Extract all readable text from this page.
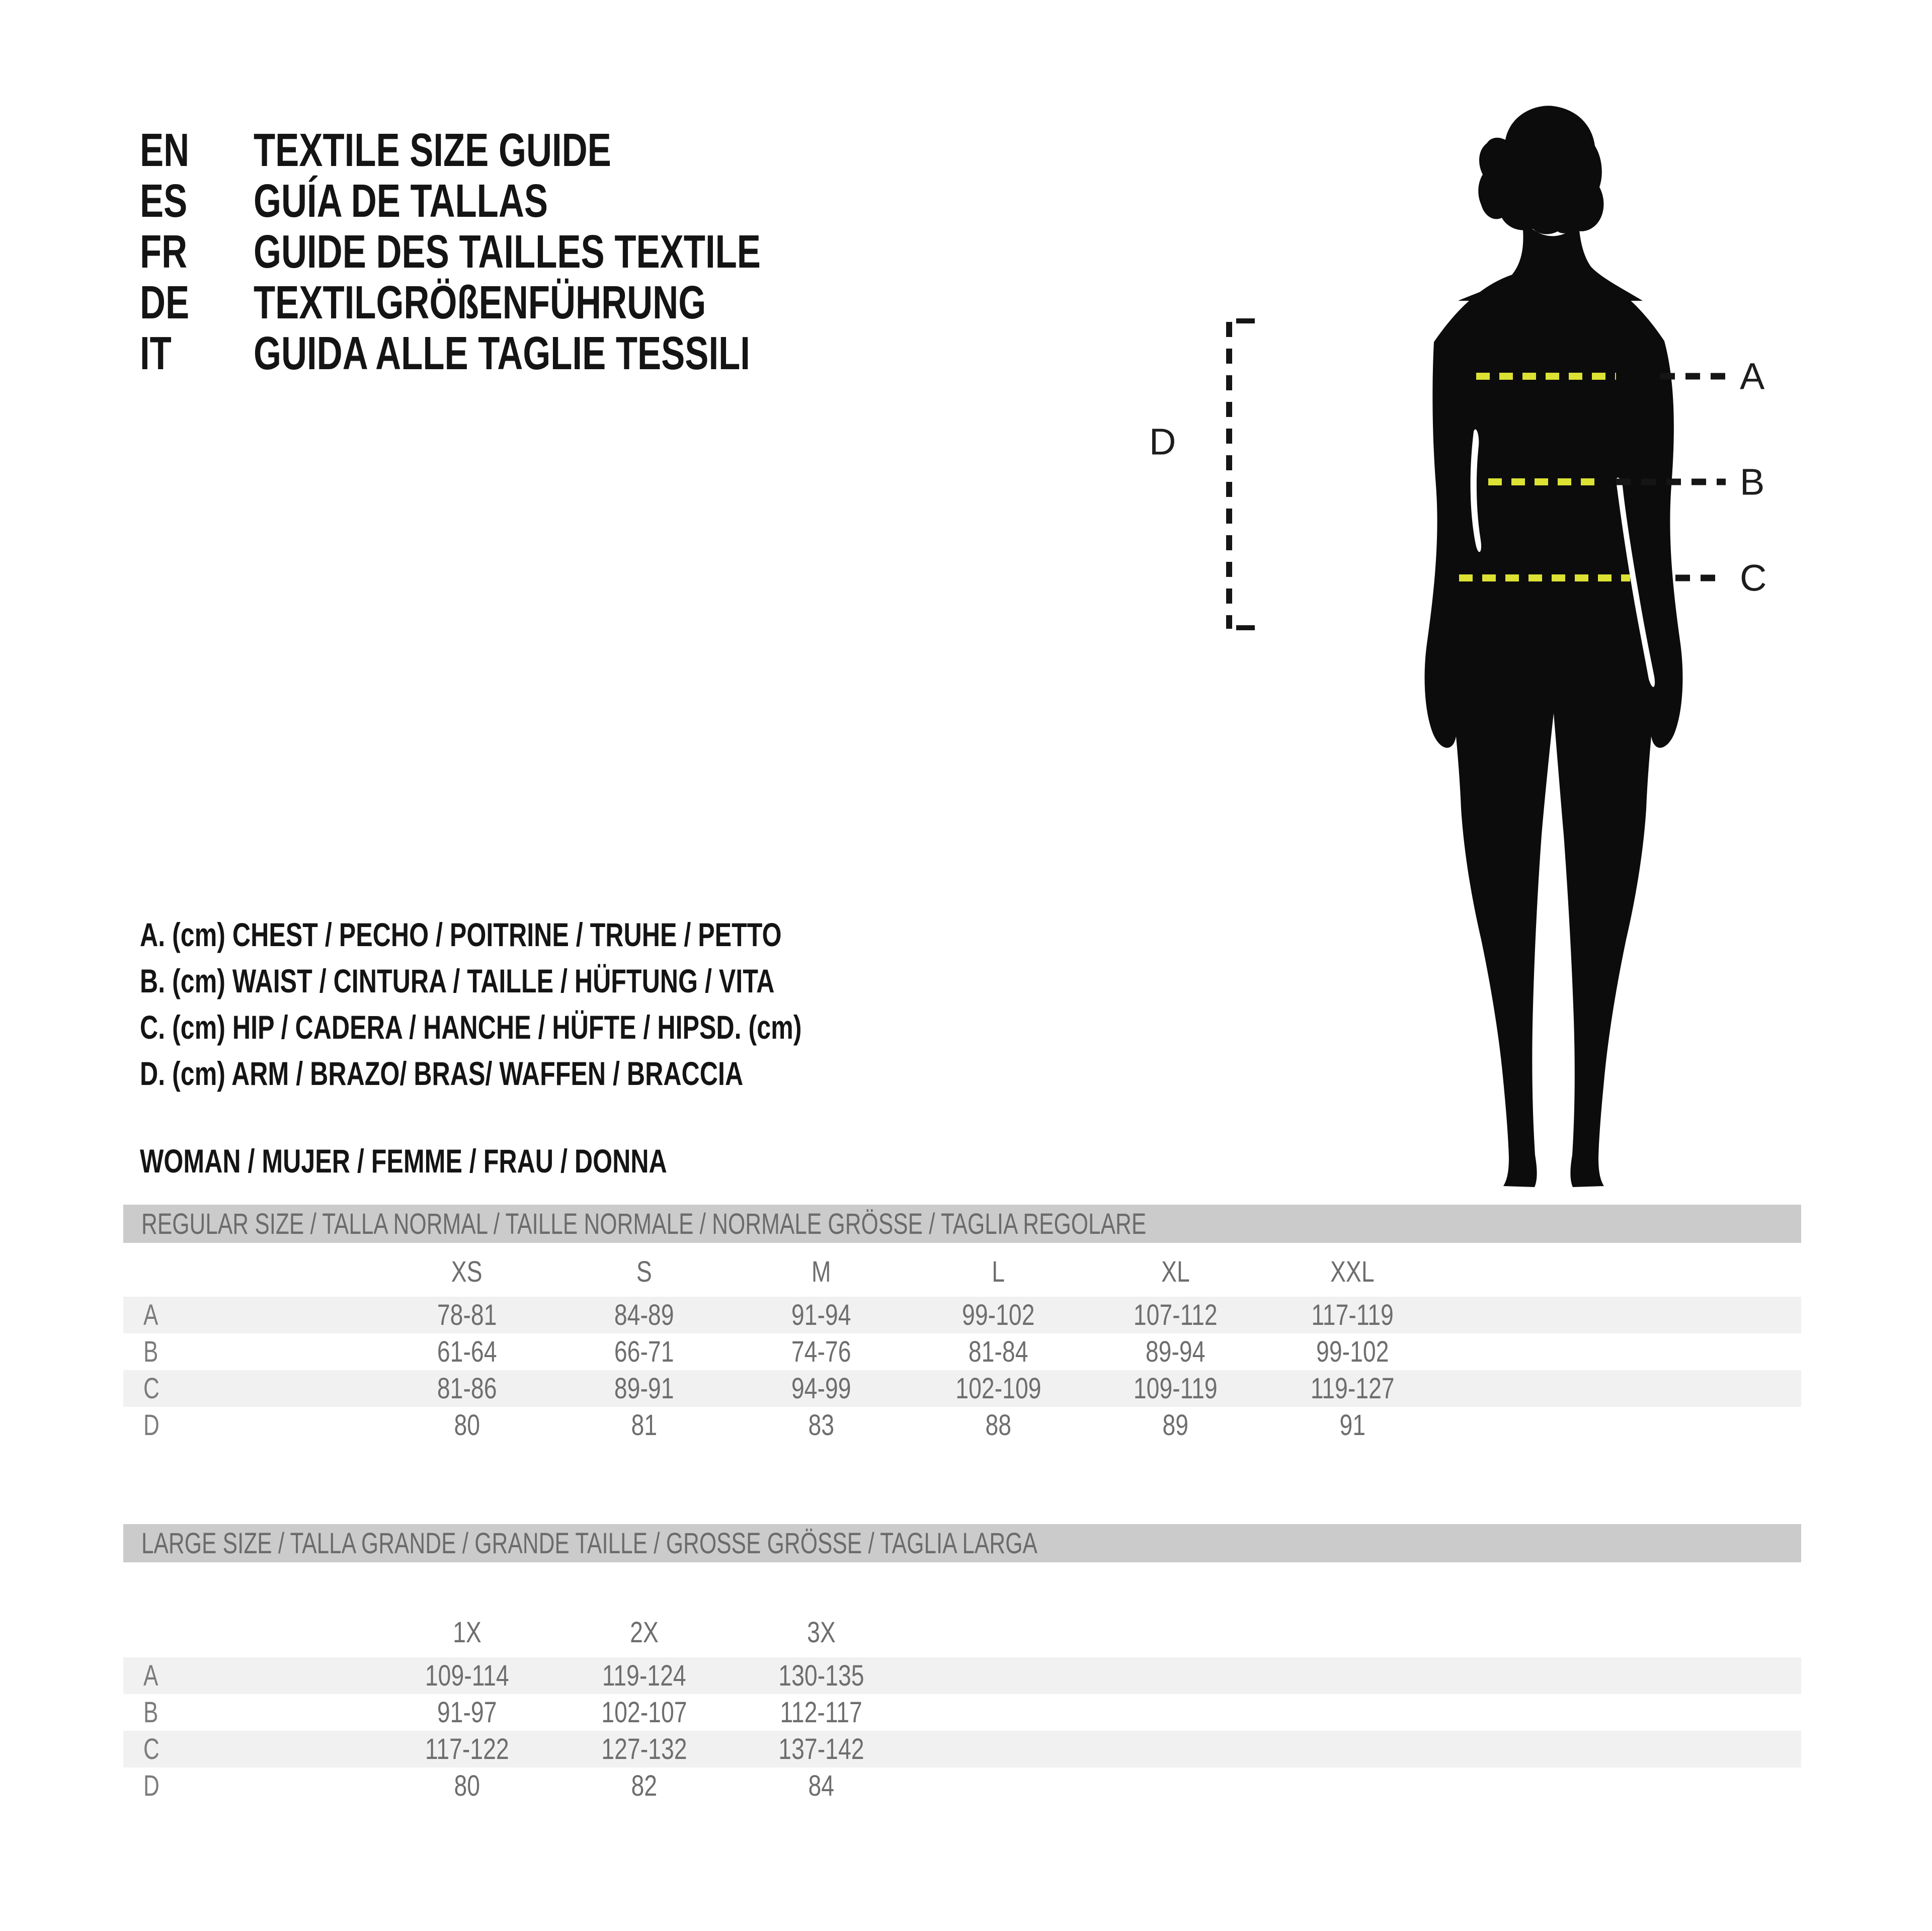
EN	TEXTILE SIZE GUIDE
ES	GUÍA DE TALLAS
FR	GUIDE DES TAILLES TEXTILE
DE	TEXTILGRÖßENFÜHRUNG
IT	GUIDA ALLE TAGLIE TESSILI
A. (cm) CHEST / PECHO / POITRINE / TRUHE / PETTO
B. (cm) WAIST / CINTURA / TAILLE / HÜFTUNG / VITA
C. (cm) HIP / CADERA / HANCHE / HÜFTE / HIPSD. (cm)
D. (cm) ARM / BRAZO/ BRAS/ WAFFEN / BRACCIA
WOMAN / MUJER / FEMME / FRAU / DONNA
A
B
C
D
REGULAR SIZE / TALLA NORMAL / TAILLE NORMALE / NORMALE GRÖSSE / TAGLIA REGOLARE
XS	S	M	L	XL	XXL
A	78-81	84-89	91-94	99-102	107-112	117-119
B	61-64	66-71	74-76	81-84	89-94	99-102
C	81-86	89-91	94-99	102-109	109-119	119-127
D	80	81	83	88	89	91
LARGE SIZE / TALLA GRANDE / GRANDE TAILLE / GROSSE GRÖSSE / TAGLIA LARGA
1X	2X	3X
A	109-114	119-124	130-135
B	91-97	102-107	112-117
C	117-122	127-132	137-142
D	80	82	84
